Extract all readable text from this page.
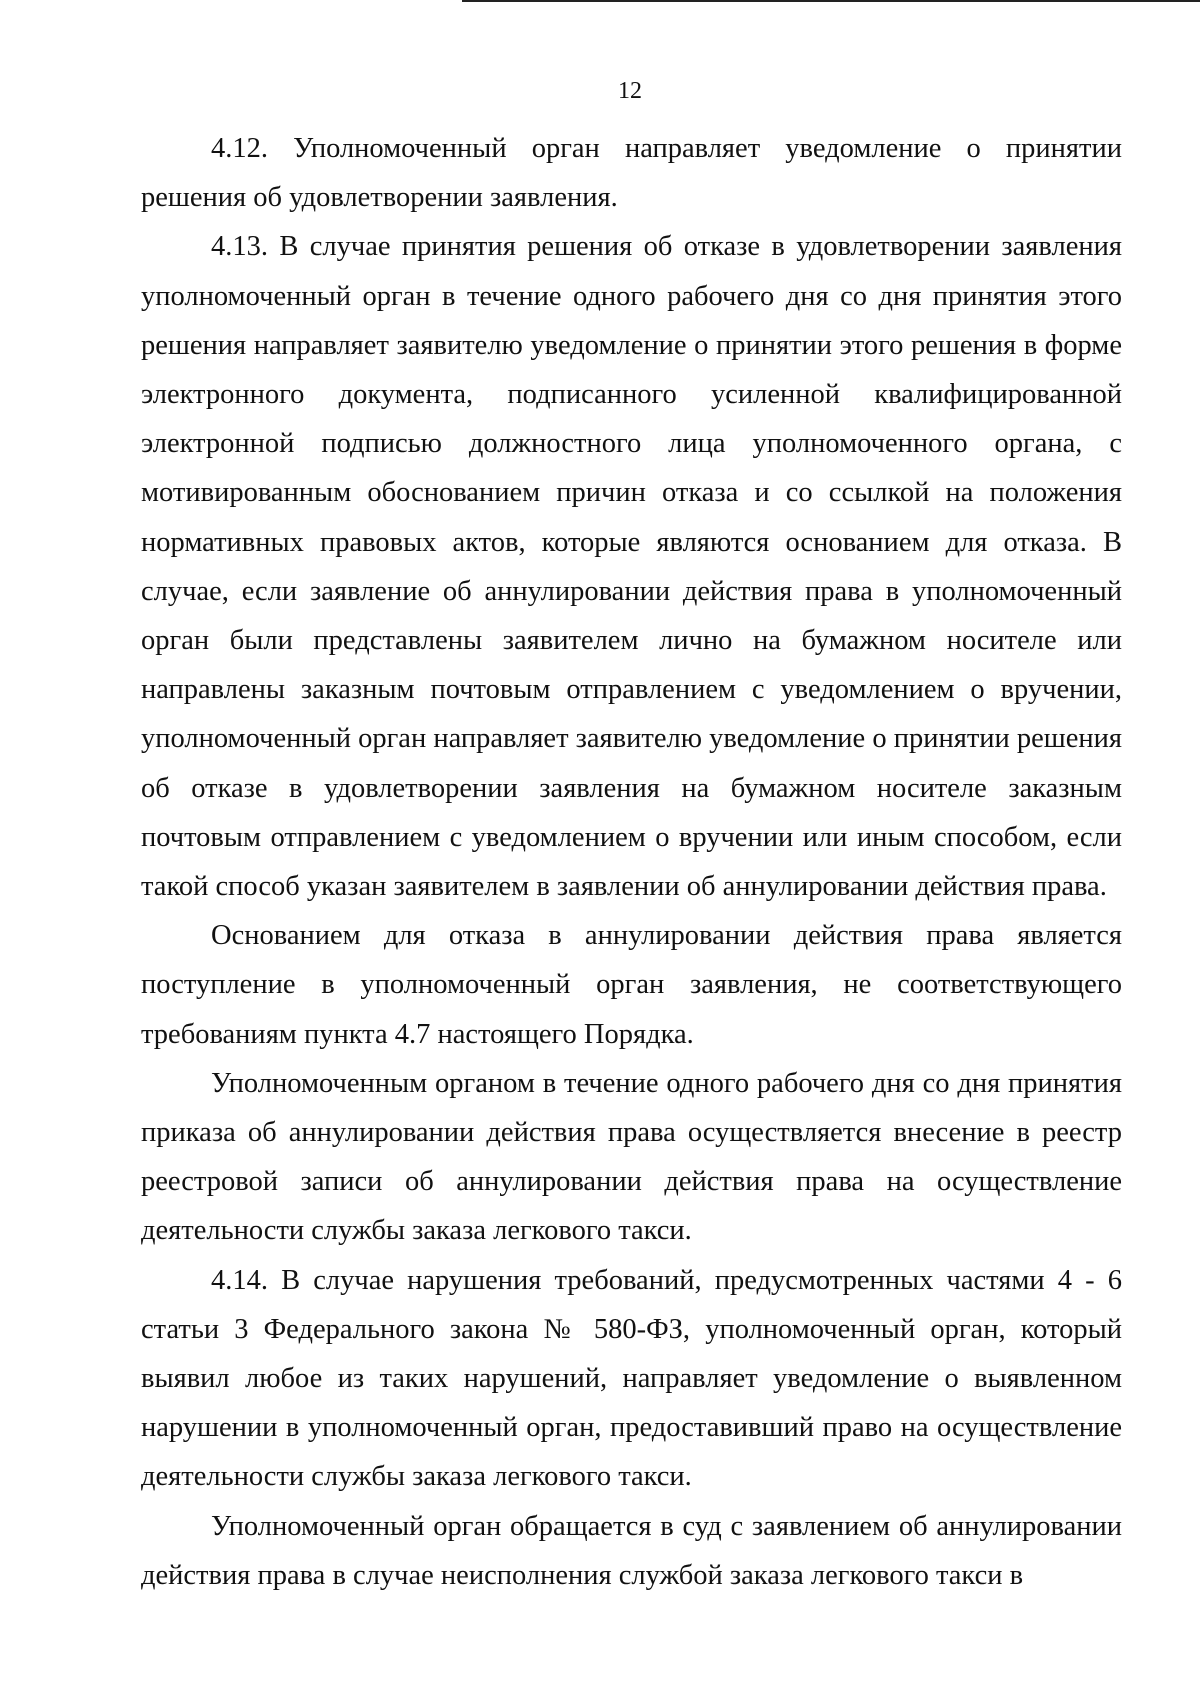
12

4.12. Уполномоченный орган направляет уведомление о принятии решения об удовлетворении заявления.

4.13. В случае принятия решения об отказе в удовлетворении заявления уполномоченный орган в течение одного рабочего дня со дня принятия этого решения направляет заявителю уведомление о принятии этого решения в форме электронного документа, подписанного усиленной квалифицированной электронной подписью должностного лица уполномоченного органа, с мотивированным обоснованием причин отказа и со ссылкой на положения нормативных правовых актов, которые являются основанием для отказа. В случае, если заявление об аннулировании действия права в уполномоченный орган были представлены заявителем лично на бумажном носителе или направлены заказным почтовым отправлением с уведомлением о вручении, уполномоченный орган направляет заявителю уведомление о принятии решения об отказе в удовлетворении заявления на бумажном носителе заказным почтовым отправлением с уведомлением о вручении или иным способом, если такой способ указан заявителем в заявлении об аннулировании действия права.

Основанием для отказа в аннулировании действия права является поступление в уполномоченный орган заявления, не соответствующего требованиям пункта 4.7 настоящего Порядка.

Уполномоченным органом в течение одного рабочего дня со дня принятия приказа об аннулировании действия права осуществляется внесение в реестр реестровой записи об аннулировании действия права на осуществление деятельности службы заказа легкового такси.

4.14. В случае нарушения требований, предусмотренных частями 4 - 6 статьи 3 Федерального закона № 580-ФЗ, уполномоченный орган, который выявил любое из таких нарушений, направляет уведомление о выявленном нарушении в уполномоченный орган, предоставивший право на осуществление деятельности службы заказа легкового такси.

Уполномоченный орган обращается в суд с заявлением об аннулировании действия права в случае неисполнения службой заказа легкового такси в
